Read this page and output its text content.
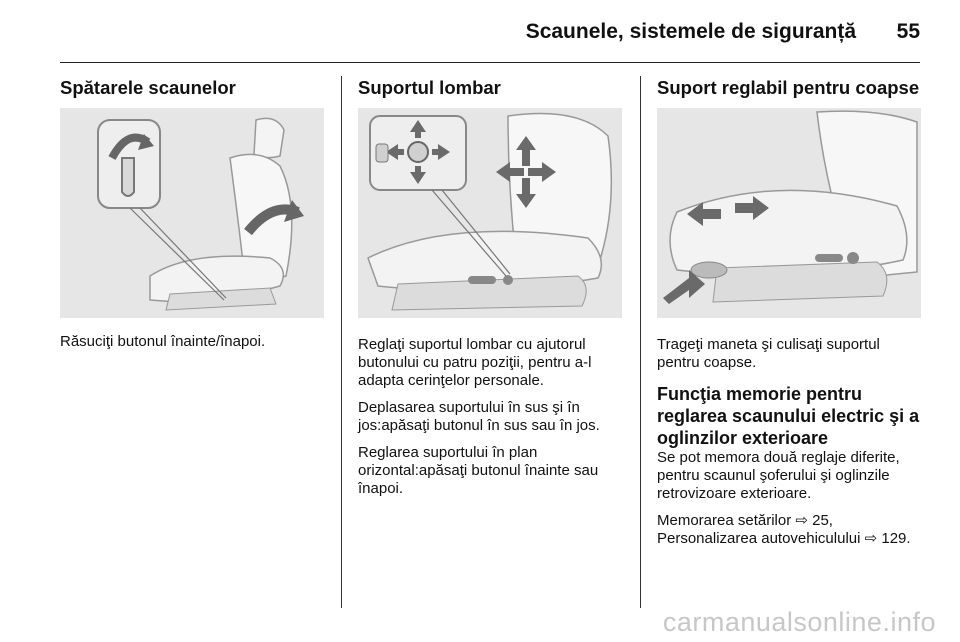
Scaunele, sistemele de siguranță 55
Spătarele scaunelor

Răsuciţi butonul înainte/înapoi.

Suportul lombar

Reglaţi suportul lombar cu ajutorul butonului cu patru poziţii, pentru a-l adapta cerinţelor personale.

Deplasarea suportului în sus şi în jos:apăsaţi butonul în sus sau în jos.

Reglarea suportului în plan orizontal:apăsaţi butonul înainte sau înapoi.

Suport reglabil pentru coapse

Trageţi maneta şi culisaţi suportul pentru coapse.

Funcţia memorie pentru reglarea scaunului electric şi a oglinzilor exterioare

Se pot memora două reglaje diferite, pentru scaunul şoferului şi oglinzile retrovizoare exterioare.

Memorarea setărilor ⇨ 25, Personalizarea autovehiculului ⇨ 129.

carmanualsonline.info
